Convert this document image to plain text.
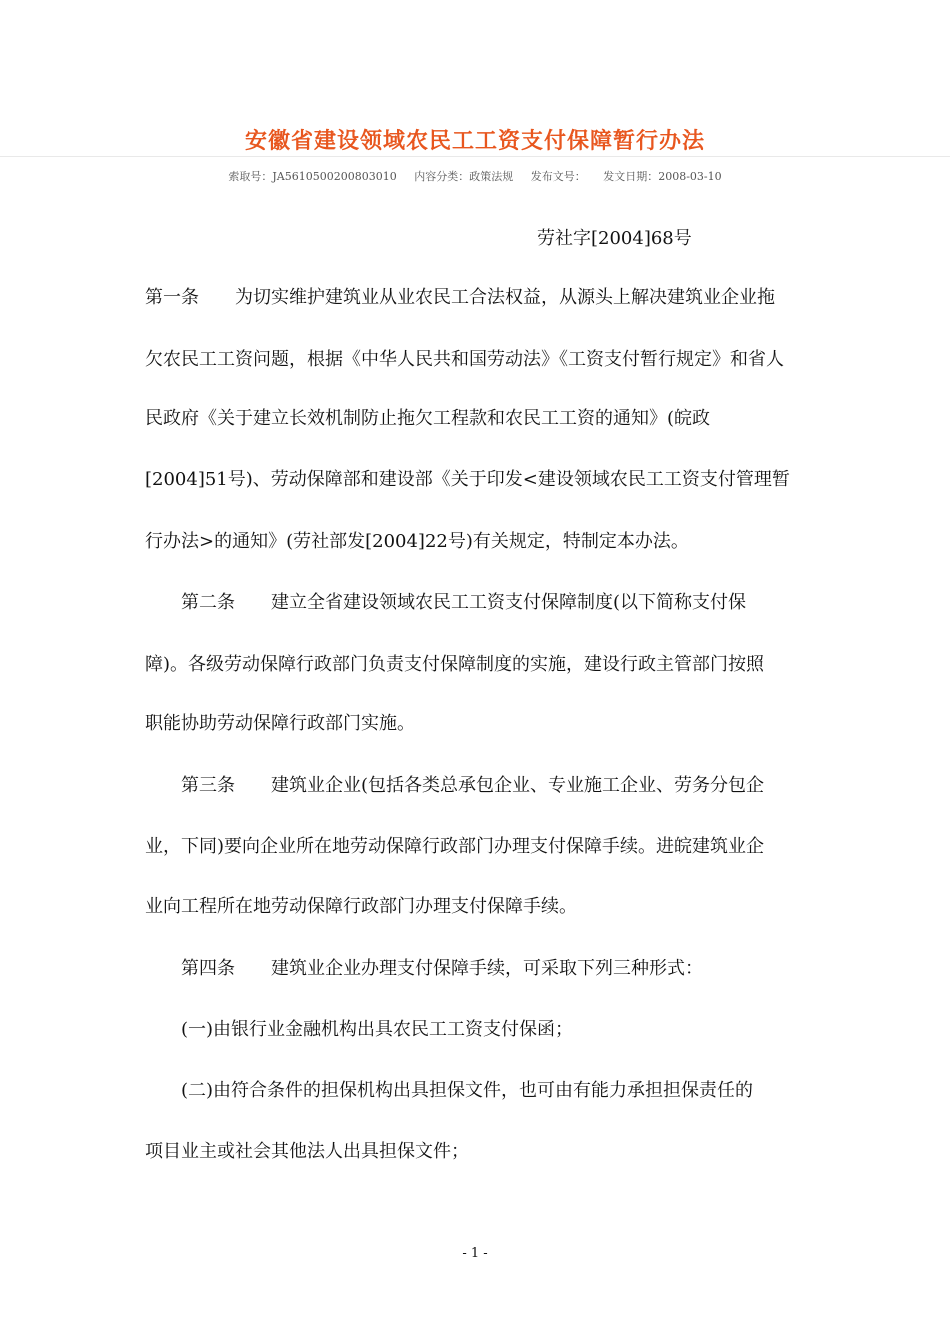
安徽省建设领域农民工工资支付保障暂行办法
索取号：JA5610500200803010 内容分类：政策法规 发布文号： 发文日期：2008-03-10
劳社字[2004]68号
第一条　　为切实维护建筑业从业农民工合法权益，从源头上解决建筑业企业拖
欠农民工工资问题，根据《中华人民共和国劳动法》《工资支付暂行规定》和省人
民政府《关于建立长效机制防止拖欠工程款和农民工工资的通知》(皖政
[2004]51号)、劳动保障部和建设部《关于印发<建设领域农民工工资支付管理暂
行办法>的通知》(劳社部发[2004]22号)有关规定，特制定本办法。
　　第二条　　建立全省建设领域农民工工资支付保障制度(以下简称支付保
障)。各级劳动保障行政部门负责支付保障制度的实施，建设行政主管部门按照
职能协助劳动保障行政部门实施。
　　第三条　　建筑业企业(包括各类总承包企业、专业施工企业、劳务分包企
业，下同)要向企业所在地劳动保障行政部门办理支付保障手续。进皖建筑业企
业向工程所在地劳动保障行政部门办理支付保障手续。
　　第四条　　建筑业企业办理支付保障手续，可采取下列三种形式：
　　(一)由银行业金融机构出具农民工工资支付保函；
　　(二)由符合条件的担保机构出具担保文件，也可由有能力承担担保责任的
项目业主或社会其他法人出具担保文件；
- 1 -
